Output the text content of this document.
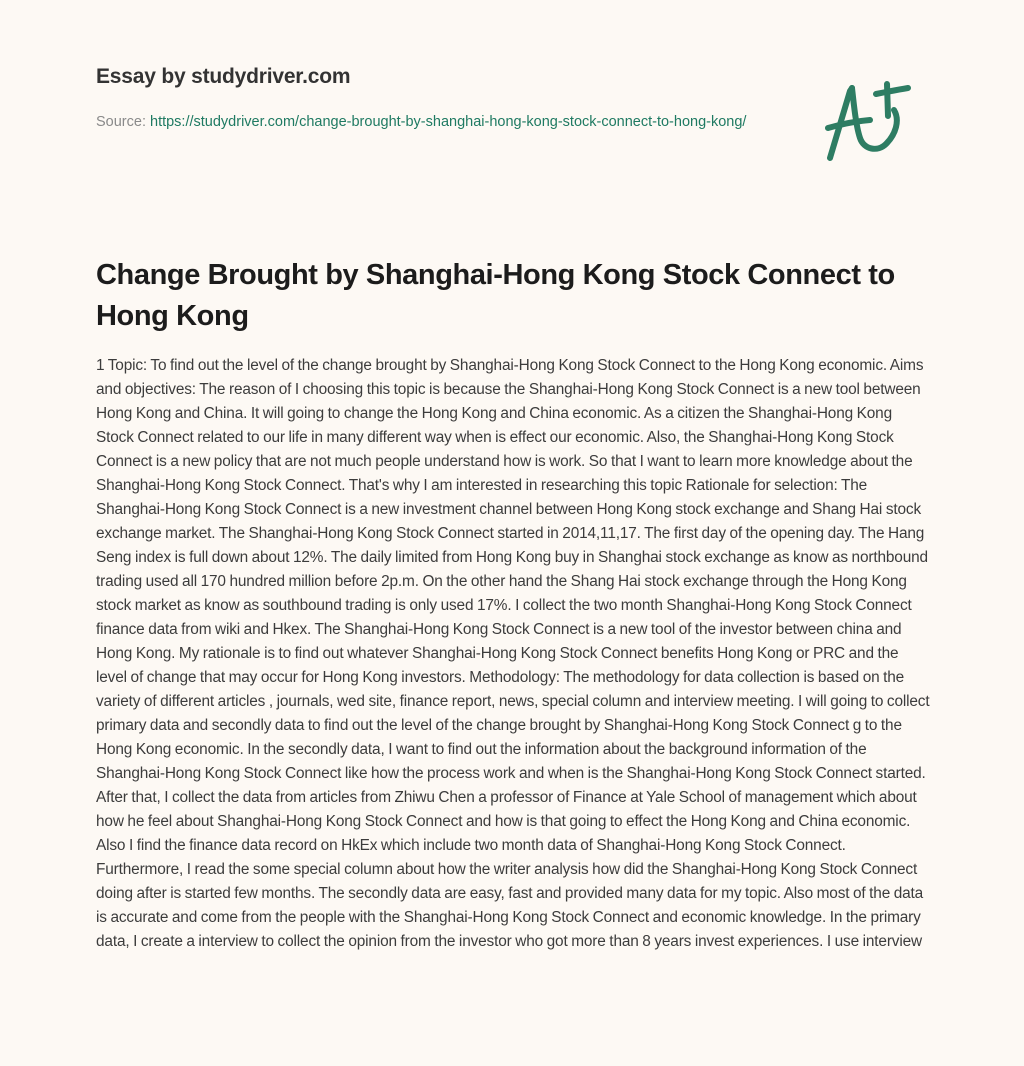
Essay by studydriver.com
Source: https://studydriver.com/change-brought-by-shanghai-hong-kong-stock-connect-to-hong-kong/
Change Brought by Shanghai-Hong Kong Stock Connect to Hong Kong

1 Topic: To find out the level of the change brought by Shanghai-Hong Kong Stock Connect to the Hong Kong economic. Aims and objectives: The reason of I choosing this topic is because the Shanghai-Hong Kong Stock Connect is a new tool between Hong Kong and China. It will going to change the Hong Kong and China economic. As a citizen the Shanghai-Hong Kong Stock Connect related to our life in many different way when is effect our economic. Also, the Shanghai-Hong Kong Stock Connect is a new policy that are not much people understand how is work. So that I want to learn more knowledge about the Shanghai-Hong Kong Stock Connect. That's why I am interested in researching this topic Rationale for selection: The Shanghai-Hong Kong Stock Connect is a new investment channel between Hong Kong stock exchange and Shang Hai stock exchange market. The Shanghai-Hong Kong Stock Connect started in 2014,11,17. The first day of the opening day. The Hang Seng index is full down about 12%. The daily limited from Hong Kong buy in Shanghai stock exchange as know as northbound trading used all 170 hundred million before 2p.m. On the other hand the Shang Hai stock exchange through the Hong Kong stock market as know as southbound trading is only used 17%. I collect the two month Shanghai-Hong Kong Stock Connect finance data from wiki and Hkex. The Shanghai-Hong Kong Stock Connect is a new tool of the investor between china and Hong Kong. My rationale is to find out whatever Shanghai-Hong Kong Stock Connect benefits Hong Kong or PRC and the level of change that may occur for Hong Kong investors. Methodology: The methodology for data collection is based on the variety of different articles , journals, wed site, finance report, news, special column and interview meeting. I will going to collect primary data and secondly data to find out the level of the change brought by Shanghai-Hong Kong Stock Connect g to the Hong Kong economic. In the secondly data, I want to find out the information about the background information of the Shanghai-Hong Kong Stock Connect like how the process work and when is the Shanghai-Hong Kong Stock Connect started. After that, I collect the data from articles from Zhiwu Chen a professor of Finance at Yale School of management which about how he feel about Shanghai-Hong Kong Stock Connect and how is that going to effect the Hong Kong and China economic. Also I find the finance data record on HkEx which include two month data of Shanghai-Hong Kong Stock Connect. Furthermore, I read the some special column about how the writer analysis how did the Shanghai-Hong Kong Stock Connect doing after is started few months. The secondly data are easy, fast and provided many data for my topic. Also most of the data is accurate and come from the people with the Shanghai-Hong Kong Stock Connect and economic knowledge. In the primary data, I create a interview to collect the opinion from the investor who got more than 8 years invest experiences. I use interview
